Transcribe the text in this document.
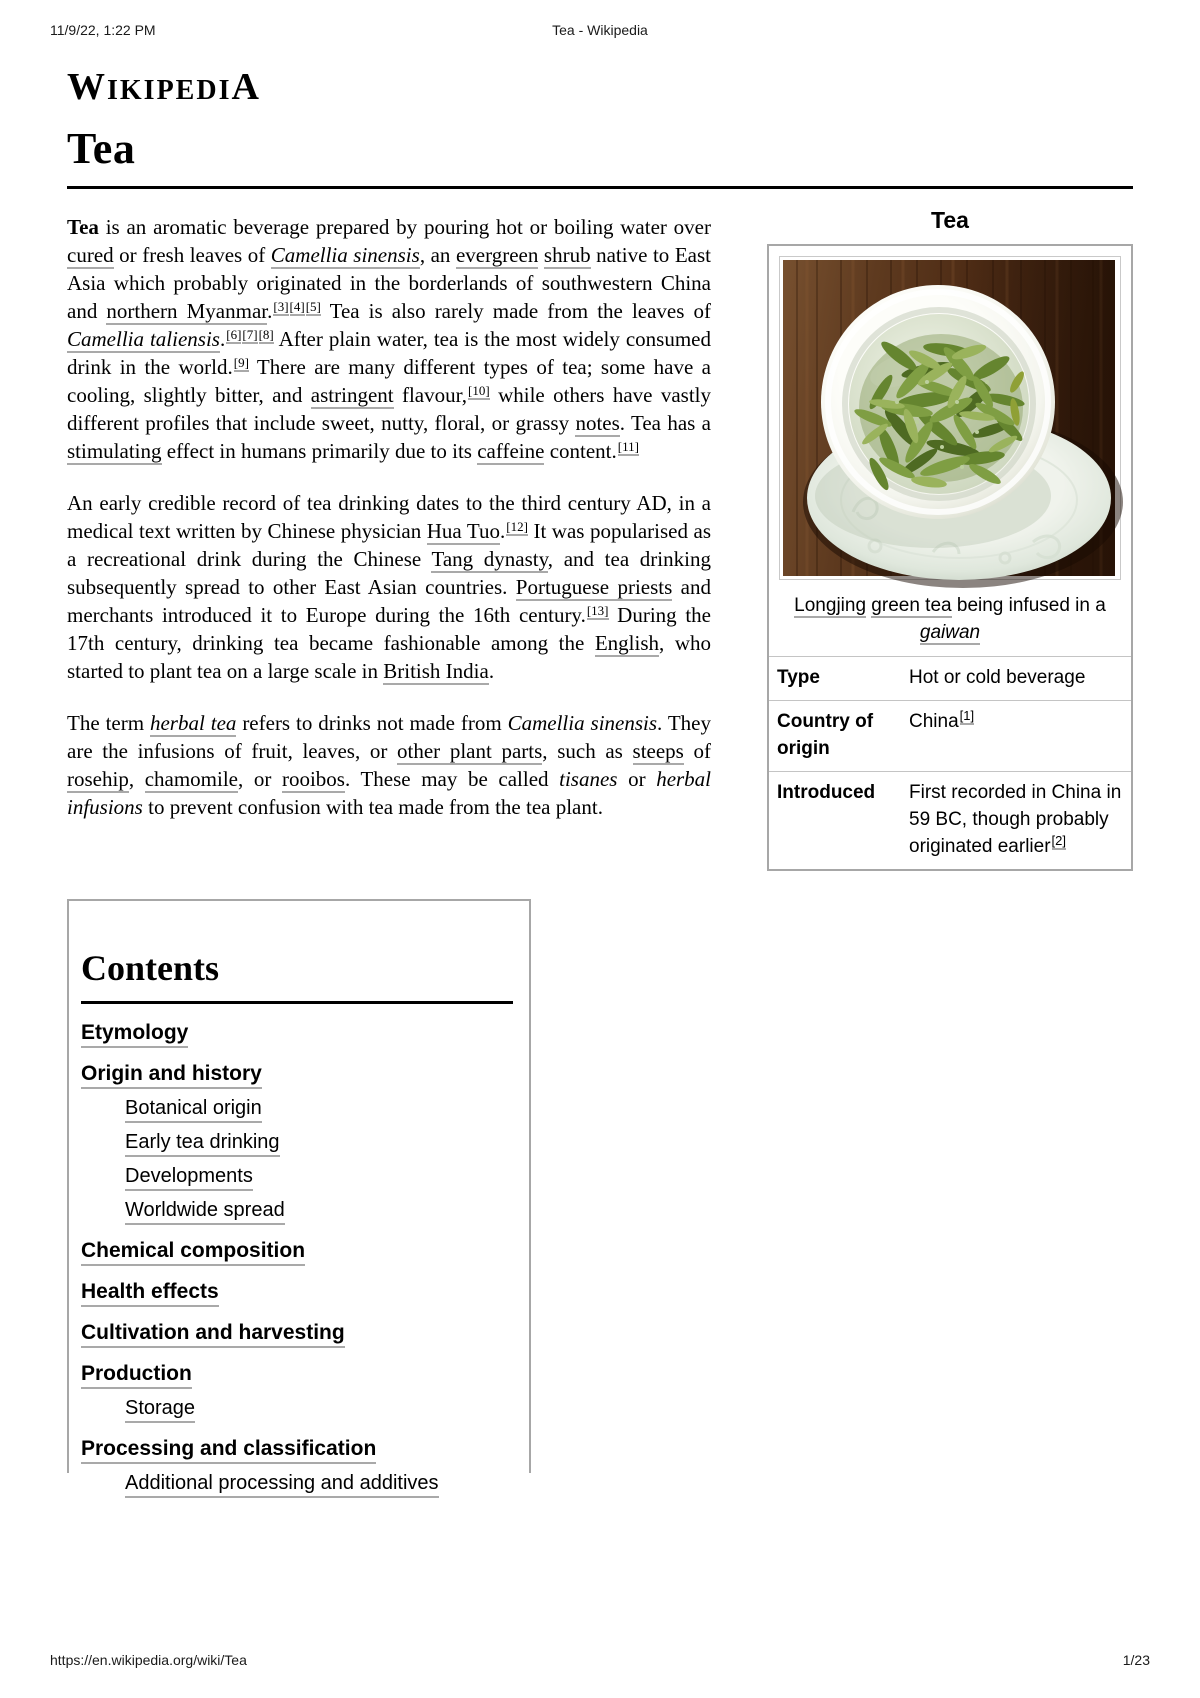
11/9/22, 1:22 PM	Tea - Wikipedia
WIKIPEDIA
Tea
Tea
Longjing green tea being infused in a gaiwan
Type	Hot or cold beverage
Country of origin	China[1]
Introduced	First recorded in China in 59 BC, though probably originated earlier[2]

Tea is an aromatic beverage prepared by pouring hot or boiling water over cured or fresh leaves of Camellia sinensis, an evergreen shrub native to East Asia which probably originated in the borderlands of southwestern China and northern Myanmar.[3][4][5] Tea is also rarely made from the leaves of Camellia taliensis.[6][7][8] After plain water, tea is the most widely consumed drink in the world.[9] There are many different types of tea; some have a cooling, slightly bitter, and astringent flavour,[10] while others have vastly different profiles that include sweet, nutty, floral, or grassy notes. Tea has a stimulating effect in humans primarily due to its caffeine content.[11]

An early credible record of tea drinking dates to the third century AD, in a medical text written by Chinese physician Hua Tuo.[12] It was popularised as a recreational drink during the Chinese Tang dynasty, and tea drinking subsequently spread to other East Asian countries. Portuguese priests and merchants introduced it to Europe during the 16th century.[13] During the 17th century, drinking tea became fashionable among the English, who started to plant tea on a large scale in British India.

The term herbal tea refers to drinks not made from Camellia sinensis. They are the infusions of fruit, leaves, or other plant parts, such as steeps of rosehip, chamomile, or rooibos. These may be called tisanes or herbal infusions to prevent confusion with tea made from the tea plant.

Contents
Etymology
Origin and history
Botanical origin
Early tea drinking
Developments
Worldwide spread
Chemical composition
Health effects
Cultivation and harvesting
Production
Storage
Processing and classification
Additional processing and additives
https://en.wikipedia.org/wiki/Tea	1/23
